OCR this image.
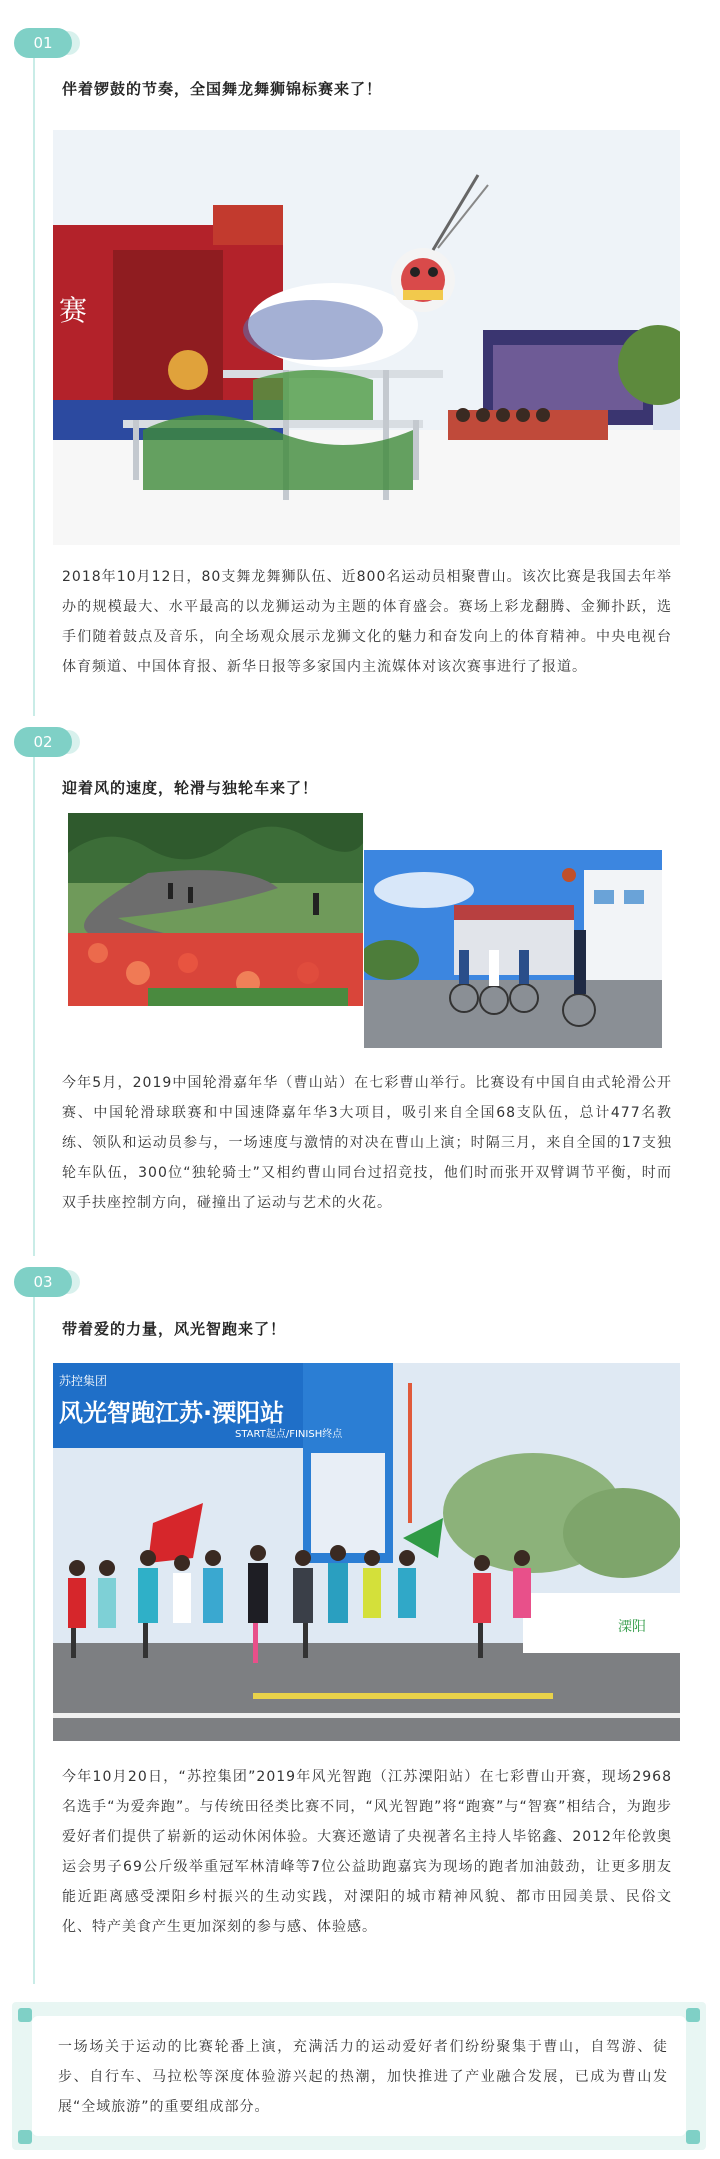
01
伴着锣鼓的节奏，全国舞龙舞狮锦标赛来了！
赛
2018年10月12日，80支舞龙舞狮队伍、近800名运动员相聚曹山。该次比赛是我国去年举办的规模最大、水平最高的以龙狮运动为主题的体育盛会。赛场上彩龙翻腾、金狮扑跃，选手们随着鼓点及音乐，向全场观众展示龙狮文化的魅力和奋发向上的体育精神。中央电视台体育频道、中国体育报、新华日报等多家国内主流媒体对该次赛事进行了报道。
02
迎着风的速度，轮滑与独轮车来了！
今年5月，2019中国轮滑嘉年华（曹山站）在七彩曹山举行。比赛设有中国自由式轮滑公开赛、中国轮滑球联赛和中国速降嘉年华3大项目，吸引来自全国68支队伍，总计477名教练、领队和运动员参与，一场速度与激情的对决在曹山上演；时隔三月，来自全国的17支独轮车队伍，300位“独轮骑士”又相约曹山同台过招竞技，他们时而张开双臂调节平衡，时而双手扶座控制方向，碰撞出了运动与艺术的火花。
03
带着爱的力量，风光智跑来了！
苏控集团
风光智跑江苏·溧阳站
START起点/FINISH终点
溧阳
今年10月20日，“苏控集团”2019年风光智跑（江苏溧阳站）在七彩曹山开赛，现场2968名选手“为爱奔跑”。与传统田径类比赛不同，“风光智跑”将“跑赛”与“智赛”相结合，为跑步爱好者们提供了崭新的运动休闲体验。大赛还邀请了央视著名主持人毕铭鑫、2012年伦敦奥运会男子69公斤级举重冠军林清峰等7位公益助跑嘉宾为现场的跑者加油鼓劲，让更多朋友能近距离感受溧阳乡村振兴的生动实践，对溧阳的城市精神风貌、都市田园美景、民俗文化、特产美食产生更加深刻的参与感、体验感。
一场场关于运动的比赛轮番上演，充满活力的运动爱好者们纷纷聚集于曹山，自驾游、徒步、自行车、马拉松等深度体验游兴起的热潮，加快推进了产业融合发展，已成为曹山发展“全域旅游”的重要组成部分。
